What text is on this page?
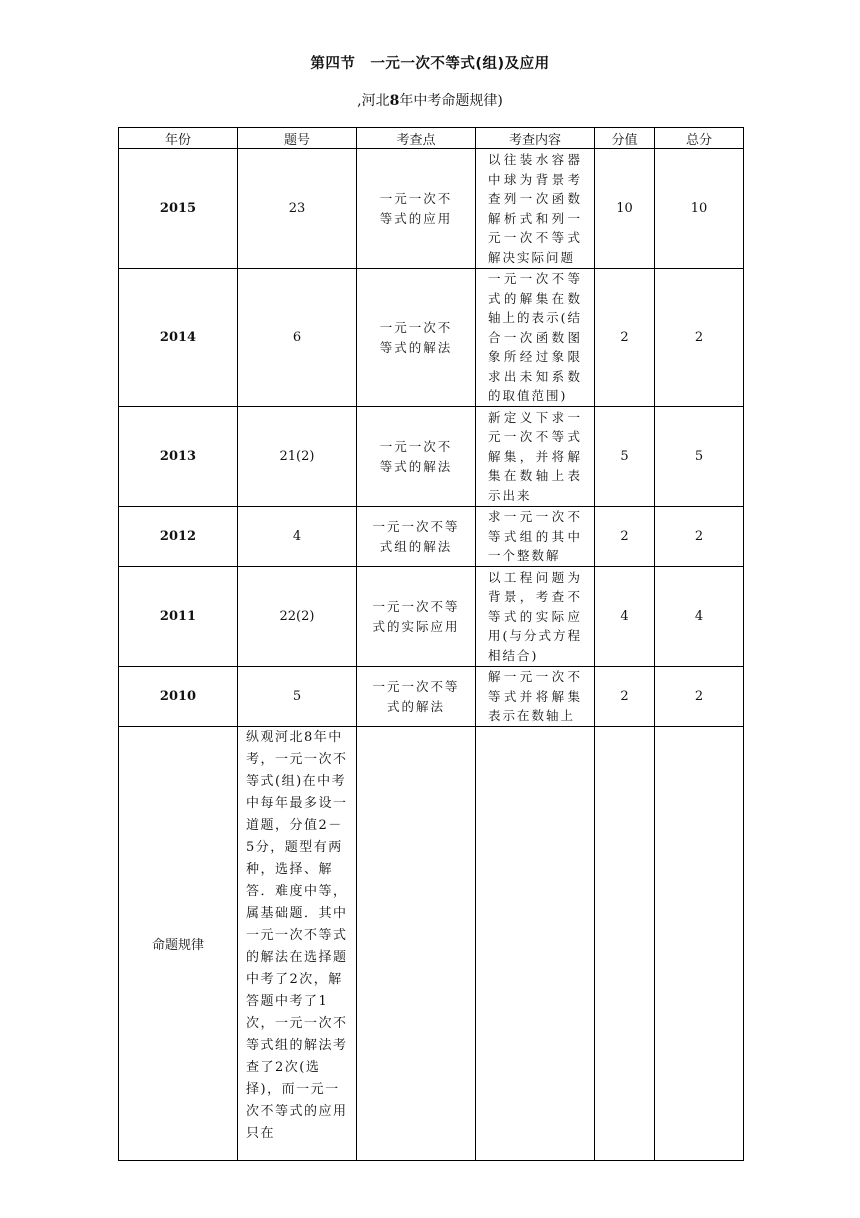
第四节　一元一次不等式(组)及应用
,河北8年中考命题规律)
年份	题号	考查点	考查内容	分值	总分
2015	23	一元一次不等式的应用	以往装水容器中球为背景考查列一次函数解析式和列一元一次不等式解决实际问题	10	10
2014	6	一元一次不等式的解法	一元一次不等式的解集在数轴上的表示(结合一次函数图象所经过象限求出未知系数的取值范围)	2	2
2013	21(2)	一元一次不等式的解法	新定义下求一元一次不等式解集，并将解集在数轴上表示出来	5	5
2012	4	一元一次不等式组的解法	求一元一次不等式组的其中一个整数解	2	2
2011	22(2)	一元一次不等式的实际应用	以工程问题为背景，考查不等式的实际应用(与分式方程相结合)	4	4
2010	5	一元一次不等式的解法	解一元一次不等式并将解集表示在数轴上	2	2
命题规律	纵观河北8年中考，一元一次不等式(组)在中考中每年最多设一道题，分值2－5分，题型有两种，选择、解答．难度中等，属基础题．其中一元一次不等式的解法在选择题中考了2次，解答题中考了1次，一元一次不等式组的解法考查了2次(选择)，而一元一次不等式的应用只在				
